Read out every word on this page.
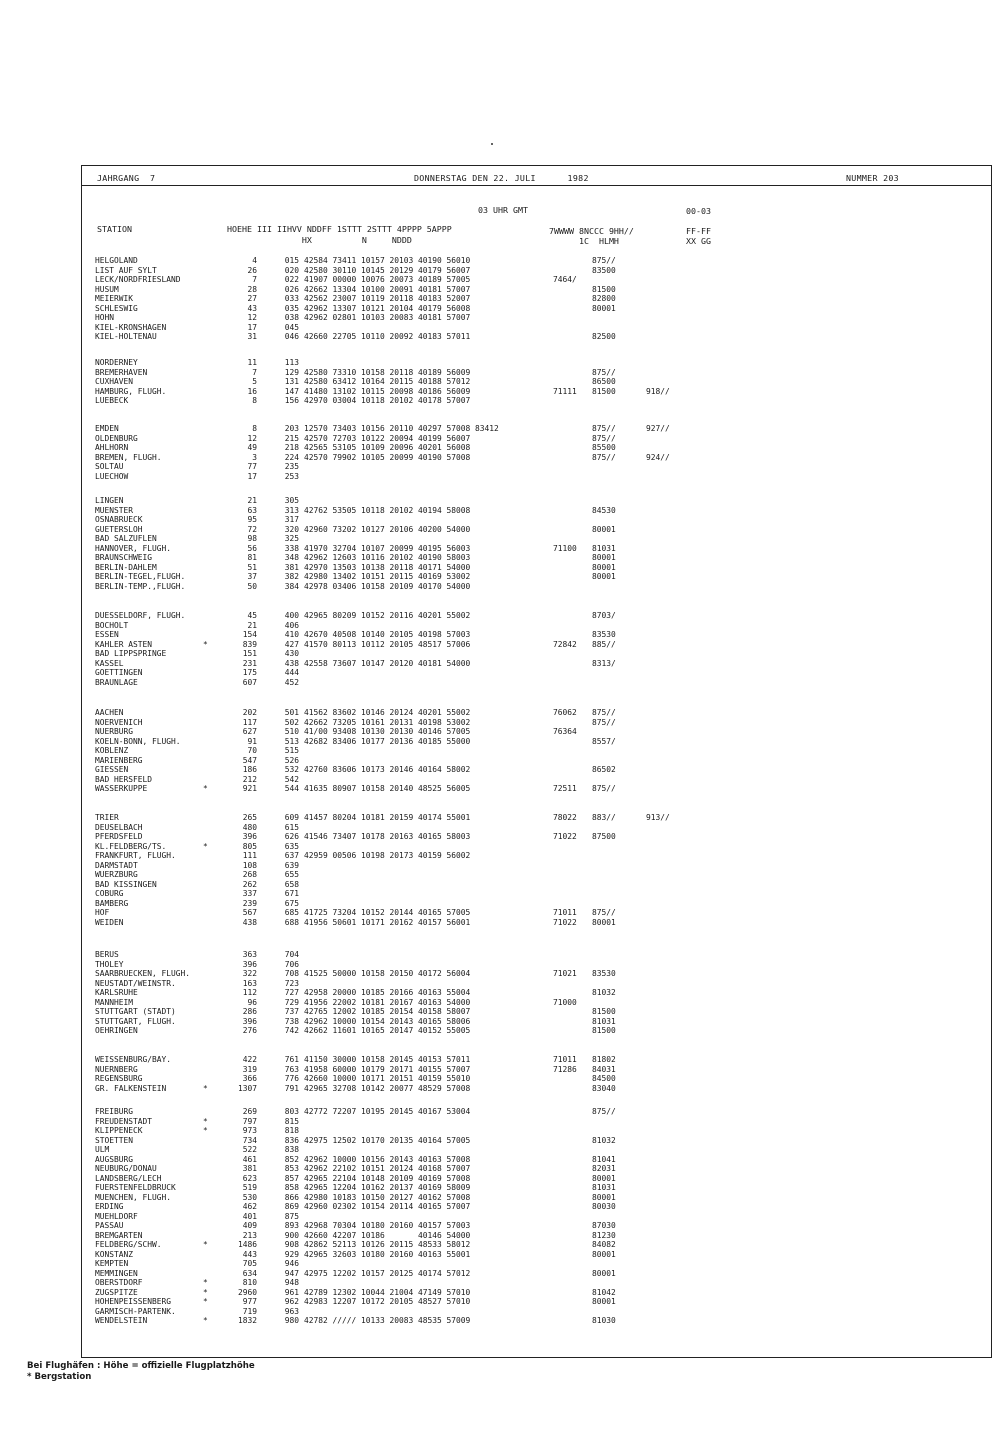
JAHRGANG  7	DONNERSTAG DEN 22. JULI      1982	NUMMER 203
03 UHR GMT	00-03
STATION	HOEHE III IIHVV NDDFF 1STTT 2STTT 4PPPP 5APPP
HX          N     NDDD
7WWWW 8NCCC 9HH//
1C  HLMH
FF-FF
XX GG
HELGOLAND	4	015 42584 73411 10157 20103 40190 56010	875//
LIST AUF SYLT	26	020 42580 30110 10145 20129 40179 56007	83500
LECK/NORDFRIESLAND	7	022 41907 00000 10076 20073 40189 57005	7464/
HUSUM	28	026 42662 13304 10100 20091 40181 57007	81500
MEIERWIK	27	033 42562 23007 10119 20118 40183 52007	82800
SCHLESWIG	43	035 42962 13307 10121 20104 40179 56008	80001
HOHN	12	038 42962 02801 10103 20083 40181 57007
KIEL-KRONSHAGEN	17	045
KIEL-HOLTENAU	31	046 42660 22705 10110 20092 40183 57011	82500
NORDERNEY	11	113
BREMERHAVEN	7	129 42580 73310 10158 20118 40189 56009	875//
CUXHAVEN	5	131 42580 63412 10164 20115 40188 57012	86500
HAMBURG, FLUGH.	16	147 41480 13102 10115 20098 40186 56009	71111 81500	918//
LUEBECK	8	156 42970 03004 10118 20102 40178 57007
EMDEN	8	203 12570 73403 10156 20110 40297 57008 83412	875//	927//
OLDENBURG	12	215 42570 72703 10122 20094 40199 56007	875//
AHLHORN	49	218 42565 53105 10109 20096 40201 56008	85500
BREMEN, FLUGH.	3	224 42570 79902 10105 20099 40190 57008	875//	924//
SOLTAU	77	235
LUECHOW	17	253
LINGEN	21	305
MUENSTER	63	313 42762 53505 10118 20102 40194 58008	84530
OSNABRUECK	95	317
GUETERSLOH	72	320 42960 73202 10127 20106 40200 54000	80001
BAD SALZUFLEN	98	325
HANNOVER, FLUGH.	56	338 41970 32704 10107 20099 40195 56003	71100 81031
BRAUNSCHWEIG	81	348 42962 12603 10116 20102 40190 58003	80001
BERLIN-DAHLEM	51	381 42970 13503 10138 20118 40171 54000	80001
BERLIN-TEGEL,FLUGH.	37	382 42980 13402 10151 20115 40169 53002	80001
BERLIN-TEMP.,FLUGH.	50	384 42978 03406 10158 20109 40170 54000
DUESSELDORF, FLUGH.	45	400 42965 80209 10152 20116 40201 55002	8703/
BOCHOLT	21	406
ESSEN	154	410 42670 40508 10140 20105 40198 57003	83530
KAHLER ASTEN	*	839	427 41570 80113 10112 20105 48517 57006	72842 885//
BAD LIPPSPRINGE	151	430
KASSEL	231	438 42558 73607 10147 20120 40181 54000	8313/
GOETTINGEN	175	444
BRAUNLAGE	607	452
AACHEN	202	501 41562 83602 10146 20124 40201 55002	76062 875//
NOERVENICH	117	502 42662 73205 10161 20131 40198 53002	875//
NUERBURG	627	510 41/00 93408 10130 20130 40146 57005	76364
KOELN-BONN, FLUGH.	91	513 42682 83406 10177 20136 40185 55000	8557/
KOBLENZ	70	515
MARIENBERG	547	526
GIESSEN	186	532 42760 83606 10173 20146 40164 58002	86502
BAD HERSFELD	212	542
WASSERKUPPE	*	921	544 41635 80907 10158 20140 48525 56005	72511 875//
TRIER	265	609 41457 80204 10181 20159 40174 55001	78022 883//	913//
DEUSELBACH	480	615
PFERDSFELD	396	626 41546 73407 10178 20163 40165 58003	71022 87500
KL.FELDBERG/TS.	*	805	635
FRANKFURT, FLUGH.	111	637 42959 00506 10198 20173 40159 56002
DARMSTADT	108	639
WUERZBURG	268	655
BAD KISSINGEN	262	658
COBURG	337	671
BAMBERG	239	675
HOF	567	685 41725 73204 10152 20144 40165 57005	71011 875//
WEIDEN	438	688 41956 50601 10171 20162 40157 56001	71022 80001
BERUS	363	704
THOLEY	396	706
SAARBRUECKEN, FLUGH.	322	708 41525 50000 10158 20150 40172 56004	71021 83530
NEUSTADT/WEINSTR.	163	723
KARLSRUHE	112	727 42958 20000 10185 20166 40163 55004	81032
MANNHEIM	96	729 41956 22002 10181 20167 40163 54000	71000
STUTTGART (STADT)	286	737 42765 12002 10185 20154 40158 58007	81500
STUTTGART, FLUGH.	396	738 42962 10000 10154 20143 40165 58006	81031
OEHRINGEN	276	742 42662 11601 10165 20147 40152 55005	81500
WEISSENBURG/BAY.	422	761 41150 30000 10158 20145 40153 57011	71011 81802
NUERNBERG	319	763 41958 60000 10179 20171 40155 57007	71286 84031
REGENSBURG	366	776 42660 10000 10171 20151 40159 55010	84500
GR. FALKENSTEIN	*	1307	791 42965 32708 10142 20077 48529 57008	83040
FREIBURG	269	803 42772 72207 10195 20145 40167 53004	875//
FREUDENSTADT	*	797	815
KLIPPENECK	*	973	818
STOETTEN	734	836 42975 12502 10170 20135 40164 57005	81032
ULM	522	838
AUGSBURG	461	852 42962 10000 10156 20143 40163 57008	81041
NEUBURG/DONAU	381	853 42962 22102 10151 20124 40168 57007	82031
LANDSBERG/LECH	623	857 42965 22104 10148 20109 40169 57008	80001
FUERSTENFELDBRUCK	519	858 42965 12204 10162 20137 40169 58009	81031
MUENCHEN, FLUGH.	530	866 42980 10183 10150 20127 40162 57008	80001
ERDING	462	869 42960 02302 10154 20114 40165 57007	80030
MUEHLDORF	401	875
PASSAU	409	893 42968 70304 10180 20160 40157 57003	87030
BREMGARTEN	213	900 42660 42207 10186       40146 54000	81230
FELDBERG/SCHW.	*	1486	908 42862 52113 10126 20115 48533 58012	84082
KONSTANZ	443	929 42965 32603 10180 20160 40163 55001	80001
KEMPTEN	705	946
MEMMINGEN	634	947 42975 12202 10157 20125 40174 57012	80001
OBERSTDORF	*	810	948
ZUGSPITZE	*	2960	961 42789 12302 10044 21004 47149 57010	81042
HOHENPEISSENBERG	*	977	962 42983 12207 10172 20105 48527 57010	80001
GARMISCH-PARTENK.	719	963
WENDELSTEIN	*	1832	980 42782 ///// 10133 20083 48535 57009	81030
Bei Flughäfen : Höhe = offizielle Flugplatzhöhe
* Bergstation
